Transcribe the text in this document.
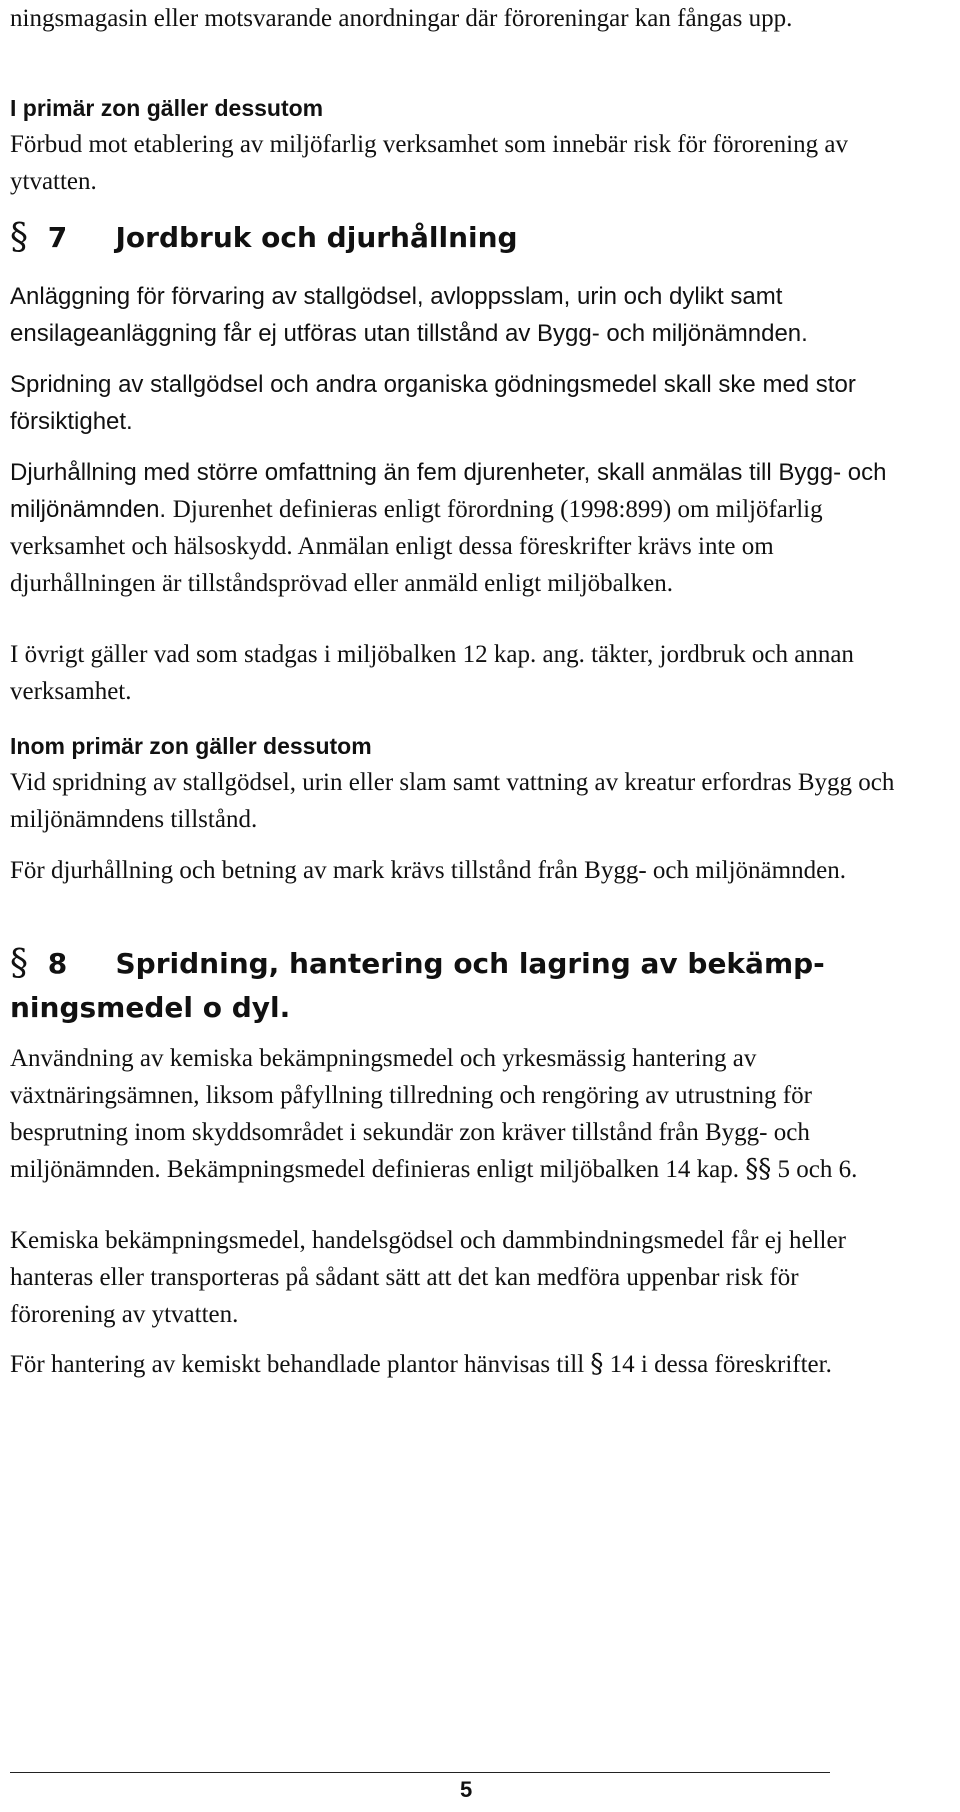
ningsmagasin eller motsvarande anordningar där föroreningar kan fångas upp.

I primär zon gäller dessutom

Förbud mot etablering av miljöfarlig verksamhet som innebär risk för förorening av ytvatten.

§ 7 Jordbruk och djurhållning

Anläggning för förvaring av stallgödsel, avloppsslam, urin och dylikt samt ensilageanläggning får ej utföras utan tillstånd av Bygg- och miljönämnden.

Spridning av stallgödsel och andra organiska gödningsmedel skall ske med stor försiktighet.

Djurhållning med större omfattning än fem djurenheter, skall anmälas till Bygg- och miljönämnden. Djurenhet definieras enligt förordning (1998:899) om miljöfarlig verksamhet och hälsoskydd. Anmälan enligt dessa föreskrifter krävs inte om djurhållningen är tillståndsprövad eller anmäld enligt miljöbalken.

I övrigt gäller vad som stadgas i miljöbalken 12 kap. ang. täkter, jordbruk och annan verksamhet.

Inom primär zon gäller dessutom

Vid spridning av stallgödsel, urin eller slam samt vattning av kreatur erfordras Bygg och miljönämndens tillstånd.

För djurhållning och betning av mark krävs tillstånd från Bygg- och miljönämnden.

§ 8 Spridning, hantering och lagring av bekämp-
ningsmedel o dyl.

Användning av kemiska bekämpningsmedel och yrkesmässig hantering av växtnäringsämnen, liksom påfyllning tillredning och rengöring av utrustning för besprutning inom skyddsområdet i sekundär zon kräver tillstånd från Bygg- och miljönämnden. Bekämpningsmedel definieras enligt miljöbalken 14 kap. §§ 5 och 6.

Kemiska bekämpningsmedel, handelsgödsel och dammbindningsmedel får ej heller hanteras eller transporteras på sådant sätt att det kan medföra uppenbar risk för förorening av ytvatten.

För hantering av kemiskt behandlade plantor hänvisas till § 14 i dessa föreskrifter.

5
